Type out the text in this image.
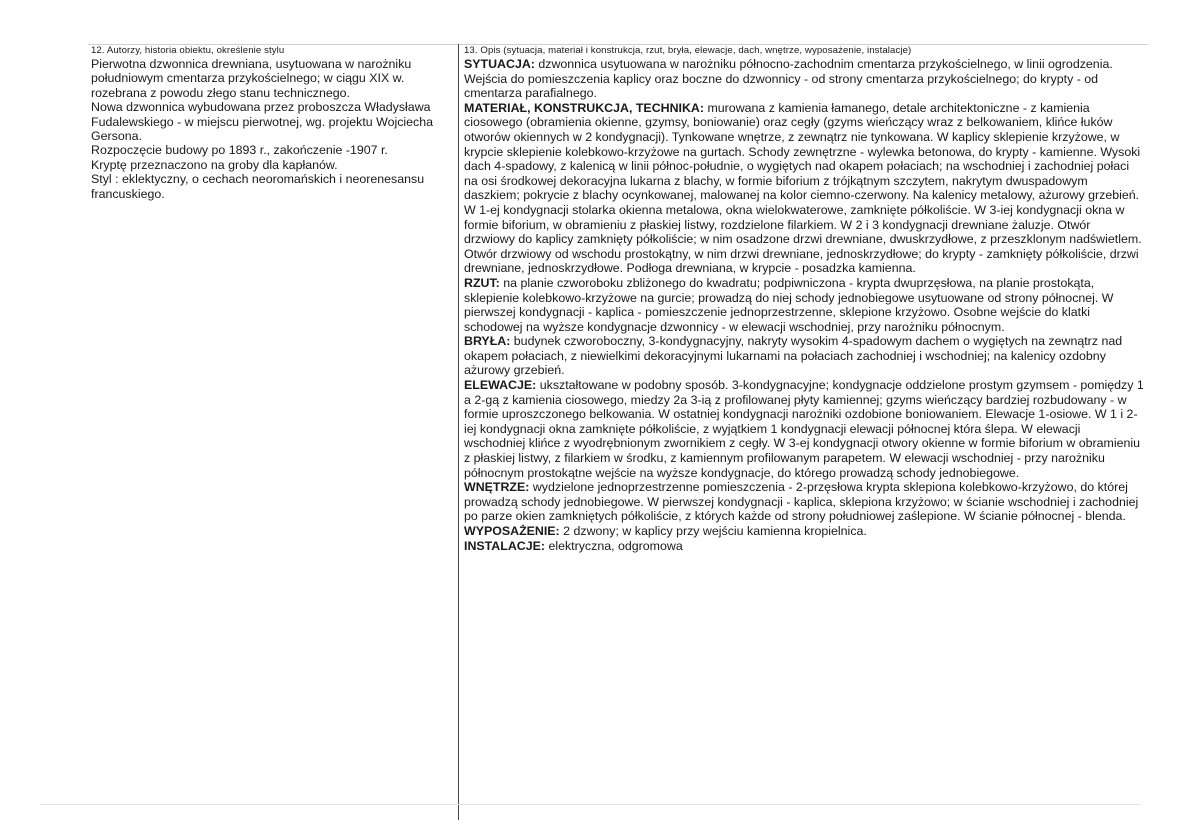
12. Autorzy, historia obiektu, określenie stylu

Pierwotna dzwonnica drewniana, usytuowana w narożniku południowym cmentarza przykościelnego; w ciągu XIX w. rozebrana z powodu złego stanu technicznego.

Nowa dzwonnica wybudowana przez proboszcza Władysława Fudalewskiego - w miejscu pierwotnej, wg. projektu Wojciecha Gersona.

Rozpoczęcie budowy po 1893 r., zakończenie -1907 r.

Kryptę przeznaczono na groby dla kapłanów.

Styl : eklektyczny, o cechach neoromańskich i neorenesansu francuskiego.

13. Opis (sytuacja, materiał i konstrukcja, rzut, bryła, elewacje, dach, wnętrze, wyposażenie, instalacje)

SYTUACJA: dzwonnica usytuowana w narożniku północno-zachodnim cmentarza przykościelnego, w linii ogrodzenia. Wejścia do pomieszczenia kaplicy oraz boczne do dzwonnicy - od strony cmentarza przykościelnego; do krypty - od cmentarza parafialnego.

MATERIAŁ, KONSTRUKCJA, TECHNIKA: murowana z kamienia łamanego, detale architektoniczne - z kamienia ciosowego (obramienia okienne, gzymsy, boniowanie) oraz cegły (gzyms wieńczący wraz z belkowaniem, klińce łuków otworów okiennych w 2 kondygnacji). Tynkowane wnętrze, z zewnątrz nie tynkowana. W kaplicy sklepienie krzyżowe, w krypcie sklepienie kolebkowo-krzyżowe na gurtach. Schody zewnętrzne - wylewka betonowa, do krypty - kamienne. Wysoki dach 4-spadowy, z kalenicą w linii północ-południe, o wygiętych nad okapem połaciach; na wschodniej i zachodniej połaci na osi środkowej dekoracyjna lukarna z blachy, w formie biforium z trójkątnym szczytem, nakrytym dwuspadowym daszkiem; pokrycie z blachy ocynkowanej, malowanej na kolor ciemno-czerwony. Na kalenicy metalowy, ażurowy grzebień. W 1-ej kondygnacji stolarka okienna metalowa, okna wielokwaterowe, zamknięte półkoliście. W 3-iej kondygnacji okna w formie biforium, w obramieniu z płaskiej listwy, rozdzielone filarkiem. W 2 i 3 kondygnacji drewniane żaluzje. Otwór drzwiowy do kaplicy zamknięty półkoliście; w nim osadzone drzwi drewniane, dwuskrzydłowe, z przeszklonym nadświetlem. Otwór drzwiowy od wschodu prostokątny, w nim drzwi drewniane, jednoskrzydłowe; do krypty - zamknięty półkoliście, drzwi drewniane, jednoskrzydłowe. Podłoga drewniana, w krypcie - posadzka kamienna.

RZUT: na planie czworoboku zbliżonego do kwadratu; podpiwniczona - krypta dwuprzęsłowa, na planie prostokąta, sklepienie kolebkowo-krzyżowe na gurcie; prowadzą do niej schody jednobiegowe usytuowane od strony północnej. W pierwszej kondygnacji - kaplica - pomieszczenie jednoprzestrzenne, sklepione krzyżowo. Osobne wejście do klatki schodowej na wyższe kondygnacje dzwonnicy - w elewacji wschodniej, przy narożniku północnym.

BRYŁA: budynek czworoboczny, 3-kondygnacyjny, nakryty wysokim 4-spadowym dachem o wygiętych na zewnątrz nad okapem połaciach, z niewielkimi dekoracyjnymi lukarnami na połaciach zachodniej i wschodniej; na kalenicy ozdobny ażurowy grzebień.

ELEWACJE: ukształtowane w podobny sposób. 3-kondygnacyjne; kondygnacje oddzielone prostym gzymsem - pomiędzy 1 a 2-gą z kamienia ciosowego, miedzy 2a 3-ią z profilowanej płyty kamiennej; gzyms wieńczący bardziej rozbudowany - w formie uproszczonego belkowania. W ostatniej kondygnacji narożniki ozdobione boniowaniem. Elewacje 1-osiowe. W 1 i 2-iej kondygnacji okna zamknięte półkoliście, z wyjątkiem 1 kondygnacji elewacji północnej która ślepa. W elewacji wschodniej klińce z wyodrębnionym zwornikiem z cegły. W 3-ej kondygnacji otwory okienne w formie biforium w obramieniu z płaskiej listwy, z filarkiem w środku, z kamiennym profilowanym parapetem. W elewacji wschodniej - przy narożniku północnym prostokątne wejście na wyższe kondygnacje, do którego prowadzą schody jednobiegowe.

WNĘTRZE: wydzielone jednoprzestrzenne pomieszczenia - 2-przęsłowa krypta sklepiona kolebkowo-krzyżowo, do której prowadzą schody jednobiegowe. W pierwszej kondygnacji - kaplica, sklepiona krzyżowo; w ścianie wschodniej i zachodniej po parze okien zamkniętych półkoliście, z których każde od strony południowej zaślepione. W ścianie północnej - blenda.

WYPOSAŻENIE: 2 dzwony; w kaplicy przy wejściu kamienna kropielnica.

INSTALACJE: elektryczna, odgromowa
